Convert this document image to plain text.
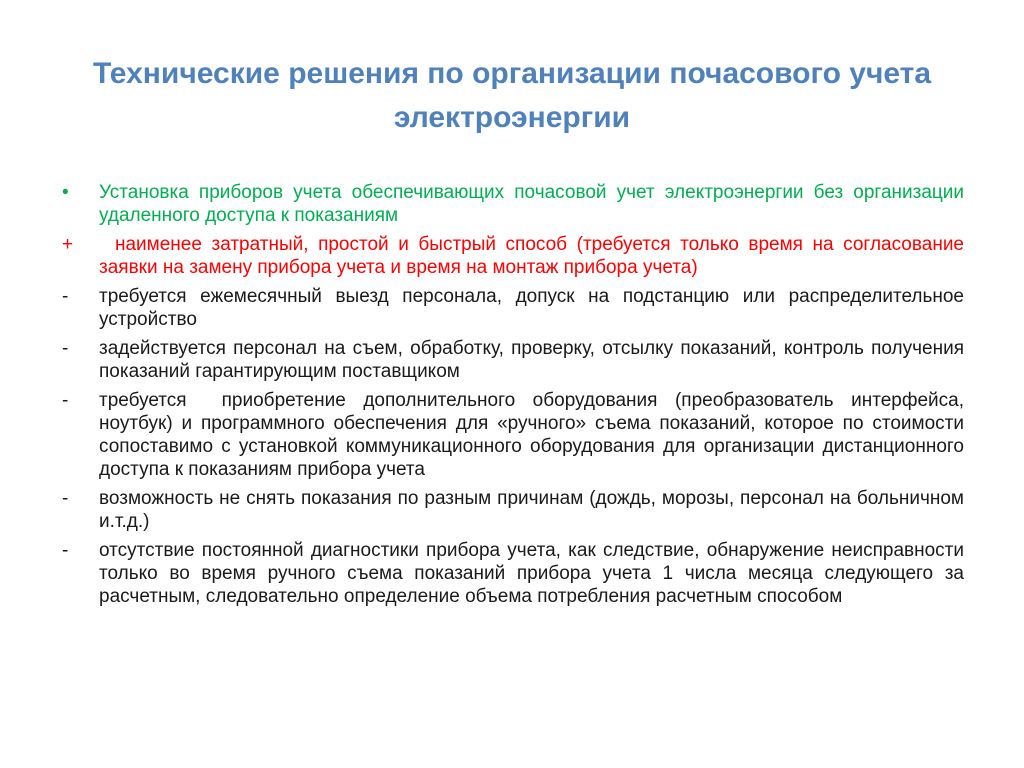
Технические решения по организации почасового учета электроэнергии
•	Установка приборов учета обеспечивающих почасовой учет электроэнергии без организации удаленного доступа к показаниям
+	наименее затратный, простой и быстрый способ (требуется только время на согласование заявки на замену прибора учета и время на монтаж прибора учета)
-	требуется ежемесячный выезд персонала, допуск на подстанцию или распределительное устройство
-	задействуется персонал на съем, обработку, проверку, отсылку показаний, контроль получения показаний гарантирующим поставщиком
-	требуется  приобретение дополнительного оборудования (преобразователь интерфейса, ноутбук) и программного обеспечения для «ручного» съема показаний, которое по стоимости сопоставимо с установкой коммуникационного оборудования для организации дистанционного доступа к показаниям прибора учета
-	возможность не снять показания по разным причинам (дождь, морозы, персонал на больничном и.т.д.)
-	отсутствие постоянной диагностики прибора учета, как следствие, обнаружение неисправности только во время ручного съема показаний прибора учета 1 числа месяца следующего за расчетным, следовательно определение объема потребления расчетным способом
